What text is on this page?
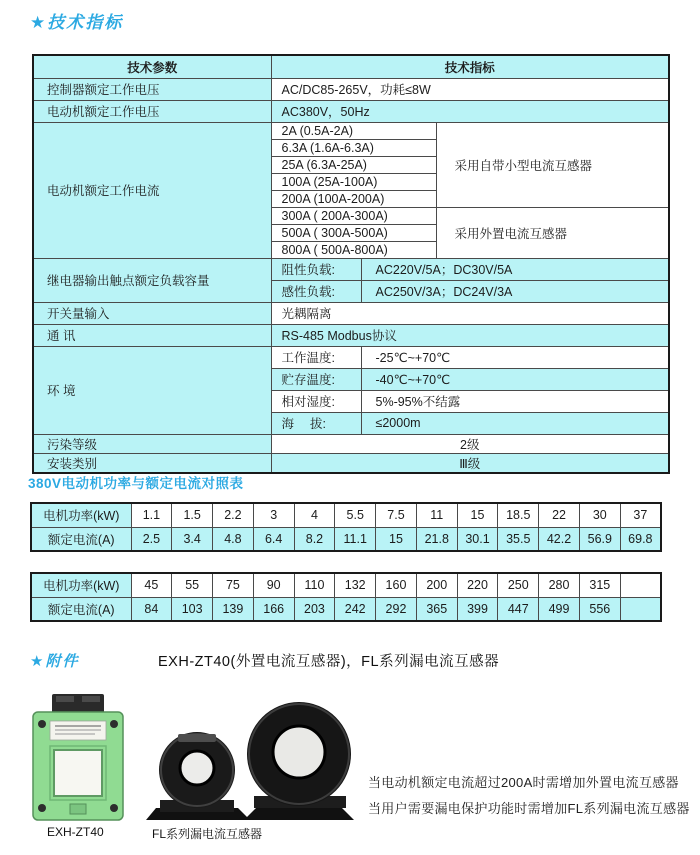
★技术指标
技术参数	技术指标		
控制器额定工作电压	AC/DC85-265V，功耗≤8W		
电动机额定工作电压	AC380V，50Hz		
电动机额定工作电流	2A (0.5A-2A)		采用自带小型电流互感器
	6.3A (1.6A-6.3A)		
	25A (6.3A-25A)		
	100A (25A-100A)		
	200A (100A-200A)		
	300A ( 200A-300A)		采用外置电流互感器
	500A ( 300A-500A)		
	800A ( 500A-800A)		
继电器输出触点额定负载容量	阻性负载:	AC220V/5A；DC30V/5A	
	感性负载:	AC250V/3A；DC24V/3A	
开关量输入	光耦隔离		
通 讯	RS-485 Modbus协议		
环 境	工作温度:	-25℃~+70℃	
	贮存温度:	-40℃~+70℃	
	相对湿度:	5%-95%不结露	
	海　 拔:	≤2000m	
污染等级	2级		
安装类别	Ⅲ级		
380V电动机功率与额定电流对照表
电机功率(kW)	1.1	1.5	2.2	3	4	5.5	7.5	11	15	18.5	22	30	37
额定电流(A)	2.5	3.4	4.8	6.4	8.2	11.1	15	21.8	30.1	35.5	42.2	56.9	69.8
电机功率(kW)	45	55	75	90	110	132	160	200	220	250	280	315	
额定电流(A)	84	103	139	166	203	242	292	365	399	447	499	556	
★附件	EXH-ZT40(外置电流互感器)，FL系列漏电流互感器
EXH-ZT40	FL系列漏电流互感器
当电动机额定电流超过200A时需增加外置电流互感器
当用户需要漏电保护功能时需增加FL系列漏电流互感器
